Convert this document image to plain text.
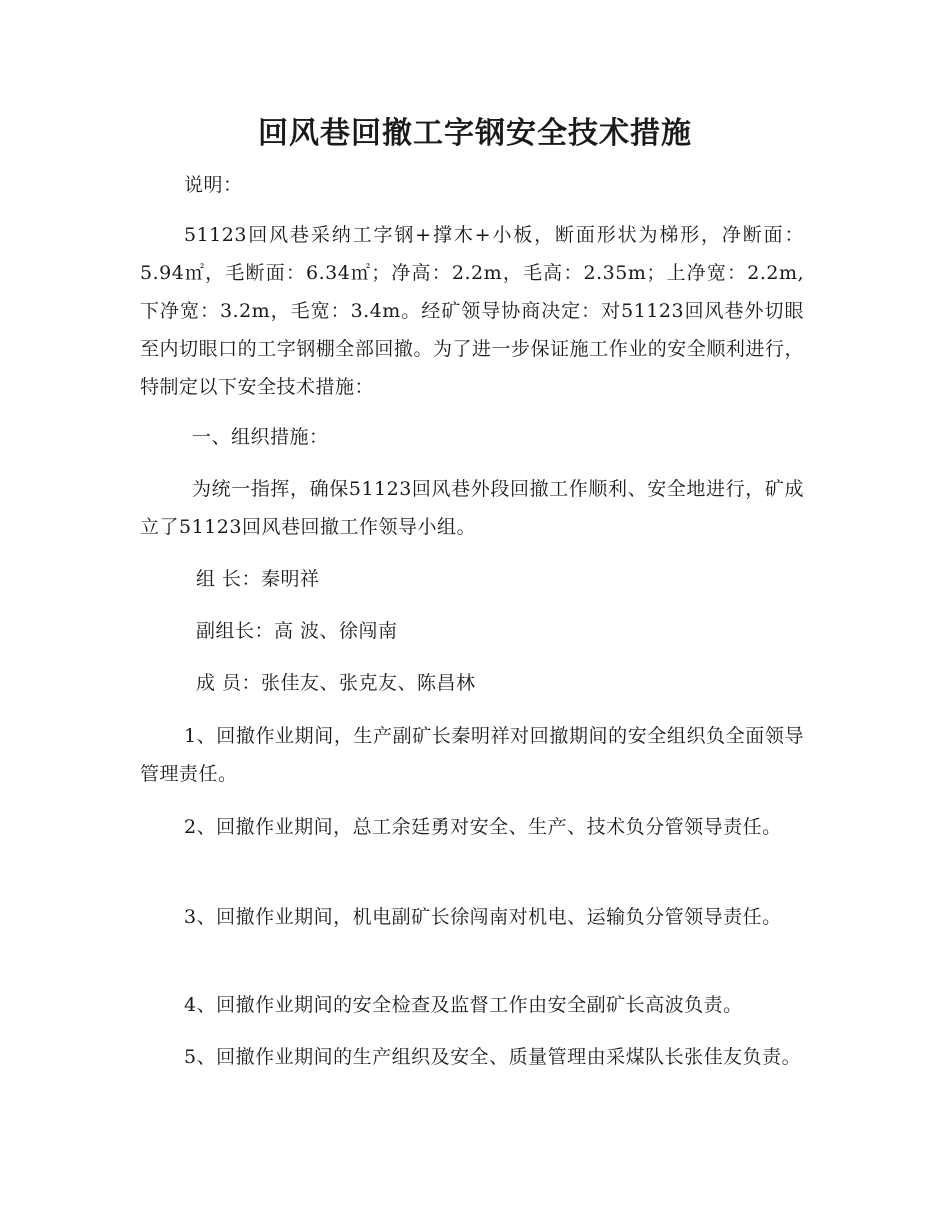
回风巷回撤工字钢安全技术措施

说明：

51123回风巷采纳工字钢+撑木+小板，断面形状为梯形，净断面：5.94㎡，毛断面：6.34㎡；净高：2.2m，毛高：2.35m；上净宽：2.2m,下净宽：3.2m，毛宽：3.4m。经矿领导协商决定：对51123回风巷外切眼至内切眼口的工字钢棚全部回撤。为了进一步保证施工作业的安全顺利进行，特制定以下安全技术措施：

一、组织措施：

为统一指挥，确保51123回风巷外段回撤工作顺利、安全地进行，矿成立了51123回风巷回撤工作领导小组。

组 长：秦明祥

副组长：高 波、徐闯南

成 员：张佳友、张克友、陈昌林

1、回撤作业期间，生产副矿长秦明祥对回撤期间的安全组织负全面领导管理责任。

2、回撤作业期间，总工余廷勇对安全、生产、技术负分管领导责任。

3、回撤作业期间，机电副矿长徐闯南对机电、运输负分管领导责任。

4、回撤作业期间的安全检查及监督工作由安全副矿长高波负责。

5、回撤作业期间的生产组织及安全、质量管理由采煤队长张佳友负责。
